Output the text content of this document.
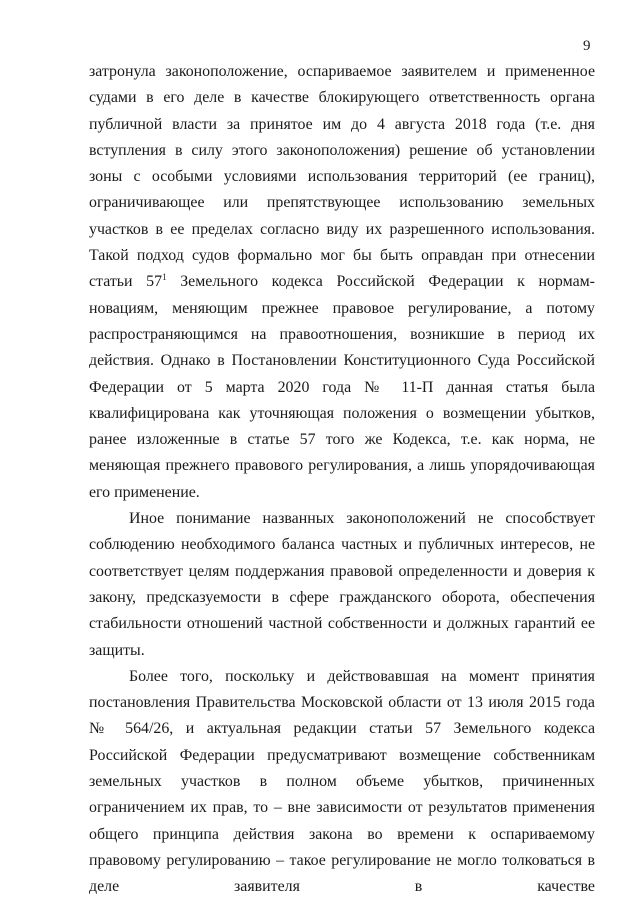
9

затронула законоположение, оспариваемое заявителем и примененное судами в его деле в качестве блокирующего ответственность органа публичной власти за принятое им до 4 августа 2018 года (т.е. дня вступления в силу этого законоположения) решение об установлении зоны с особыми условиями использования территорий (ее границ), ограничивающее или препятствующее использованию земельных участков в ее пределах согласно виду их разрешенного использования. Такой подход судов формально мог бы быть оправдан при отнесении статьи $57^1$ Земельного кодекса Российской Федерации к нормам-новациям, меняющим прежнее правовое регулирование, а потому распространяющимся на правоотношения, возникшие в период их действия. Однако в Постановлении Конституционного Суда Российской Федерации от 5 марта 2020 года № 11-П данная статья была квалифицирована как уточняющая положения о возмещении убытков, ранее изложенные в статье 57 того же Кодекса, т.е. как норма, не меняющая прежнего правового регулирования, а лишь упорядочивающая его применение.

Иное понимание названных законоположений не способствует соблюдению необходимого баланса частных и публичных интересов, не соответствует целям поддержания правовой определенности и доверия к закону, предсказуемости в сфере гражданского оборота, обеспечения стабильности отношений частной собственности и должных гарантий ее защиты.

Более того, поскольку и действовавшая на момент принятия постановления Правительства Московской области от 13 июля 2015 года № 564/26, и актуальная редакции статьи 57 Земельного кодекса Российской Федерации предусматривают возмещение собственникам земельных участков в полном объеме убытков, причиненных ограничением их прав, то – вне зависимости от результатов применения общего принципа действия закона во времени к оспариваемому правовому регулированию – такое регулирование не могло толковаться в деле заявителя в качестве
